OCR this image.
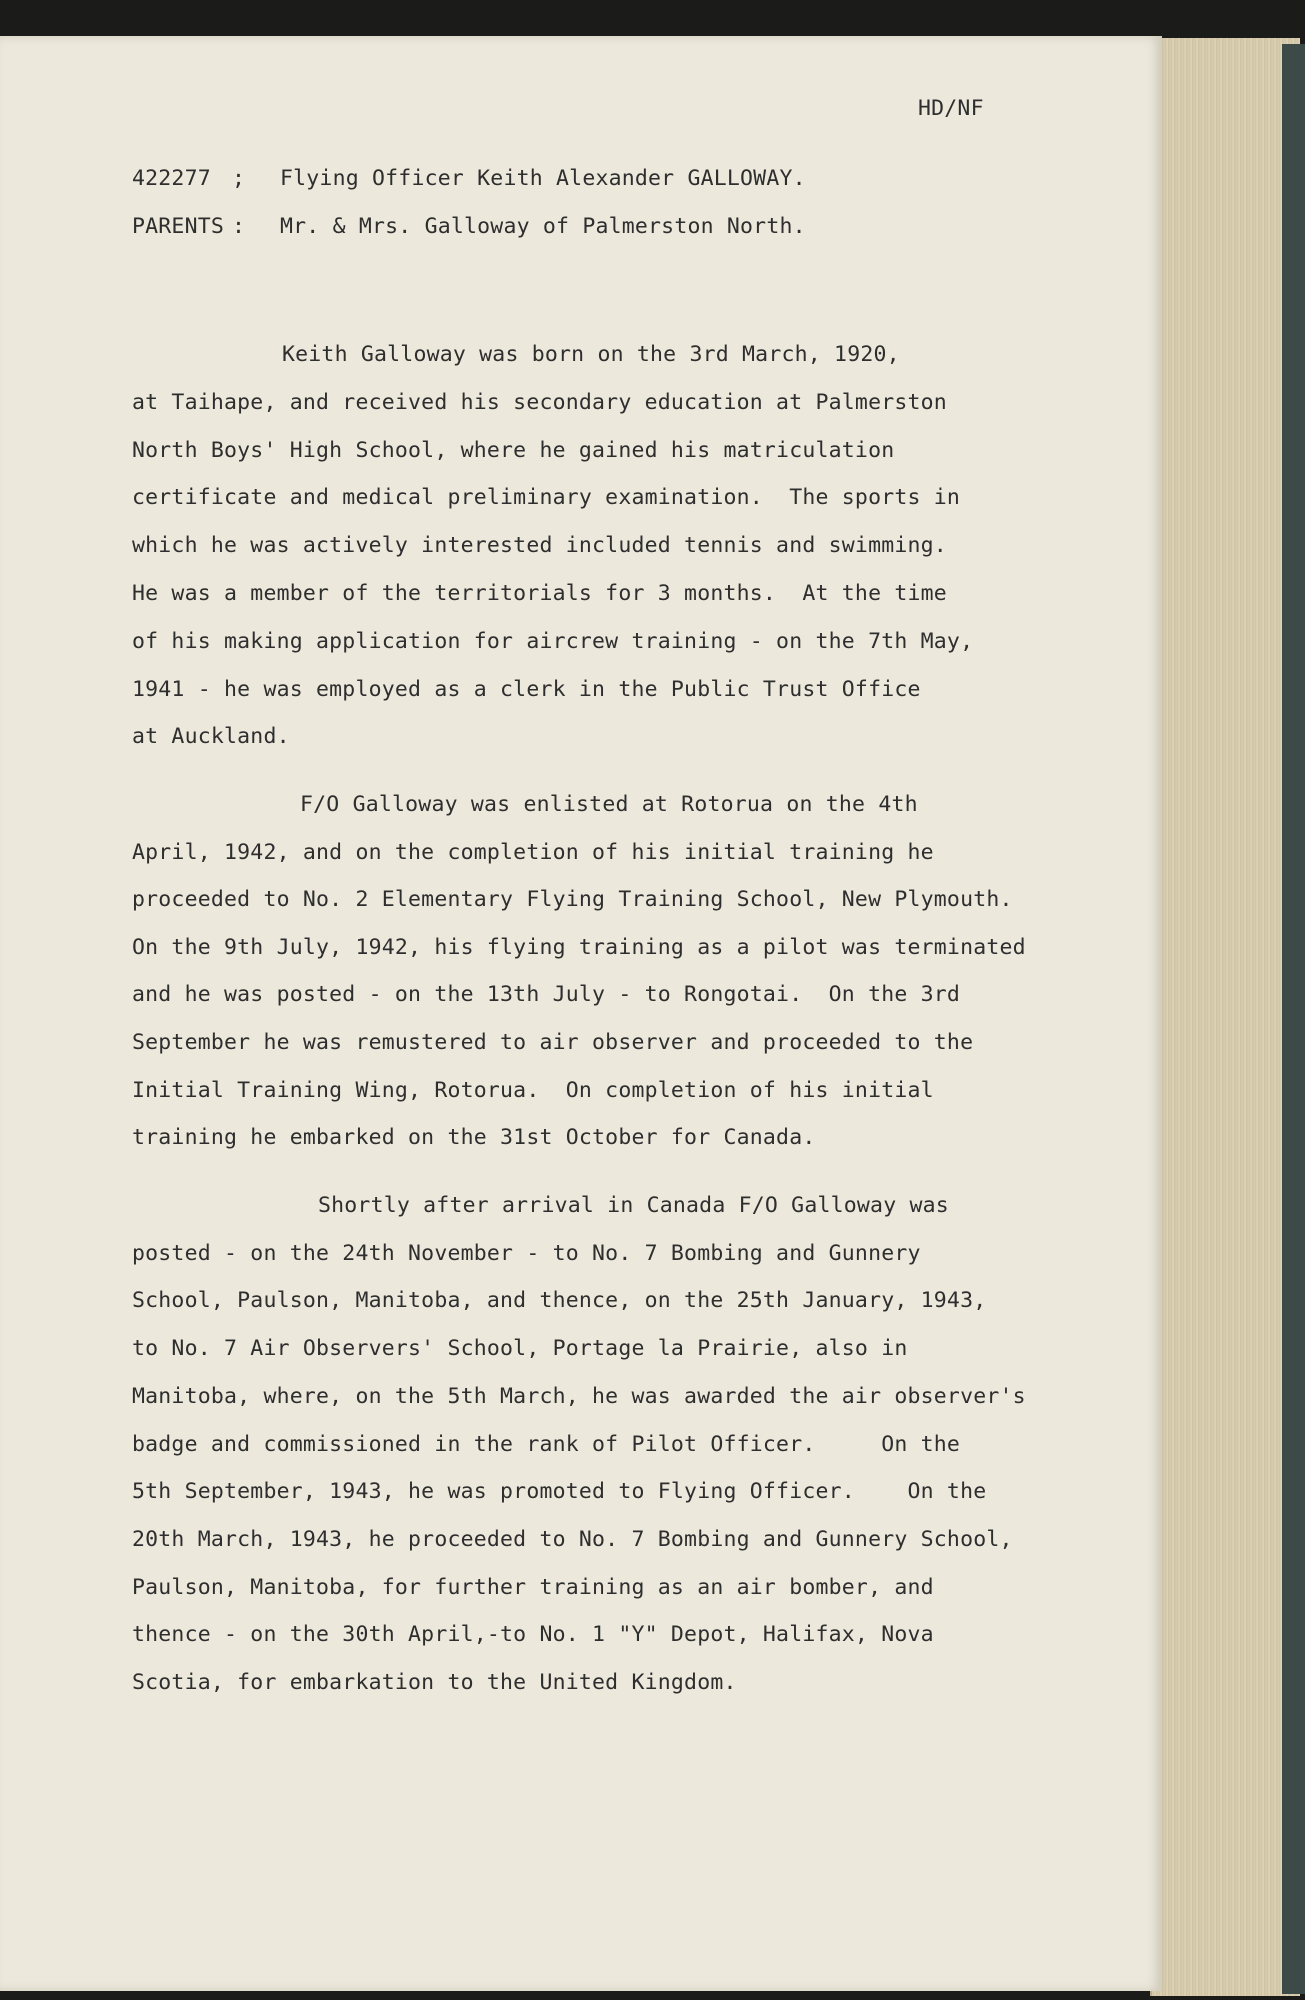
HD/NF
422277 ; Flying Officer Keith Alexander GALLOWAY.
PARENTS : Mr. & Mrs. Galloway of Palmerston North.
Keith Galloway was born on the 3rd March, 1920,
at Taihape, and received his secondary education at Palmerston
North Boys' High School, where he gained his matriculation
certificate and medical preliminary examination.  The sports in
which he was actively interested included tennis and swimming.
He was a member of the territorials for 3 months.  At the time
of his making application for aircrew training - on the 7th May,
1941 - he was employed as a clerk in the Public Trust Office
at Auckland.
F/O Galloway was enlisted at Rotorua on the 4th
April, 1942, and on the completion of his initial training he
proceeded to No. 2 Elementary Flying Training School, New Plymouth.
On the 9th July, 1942, his flying training as a pilot was terminated
and he was posted - on the 13th July - to Rongotai.  On the 3rd
September he was remustered to air observer and proceeded to the
Initial Training Wing, Rotorua.  On completion of his initial
training he embarked on the 31st October for Canada.
Shortly after arrival in Canada F/O Galloway was
posted - on the 24th November - to No. 7 Bombing and Gunnery
School, Paulson, Manitoba, and thence, on the 25th January, 1943,
to No. 7 Air Observers' School, Portage la Prairie, also in
Manitoba, where, on the 5th March, he was awarded the air observer's
badge and commissioned in the rank of Pilot Officer.     On the
5th September, 1943, he was promoted to Flying Officer.    On the
20th March, 1943, he proceeded to No. 7 Bombing and Gunnery School,
Paulson, Manitoba, for further training as an air bomber, and
thence - on the 30th April,-to No. 1 "Y" Depot, Halifax, Nova
Scotia, for embarkation to the United Kingdom.
